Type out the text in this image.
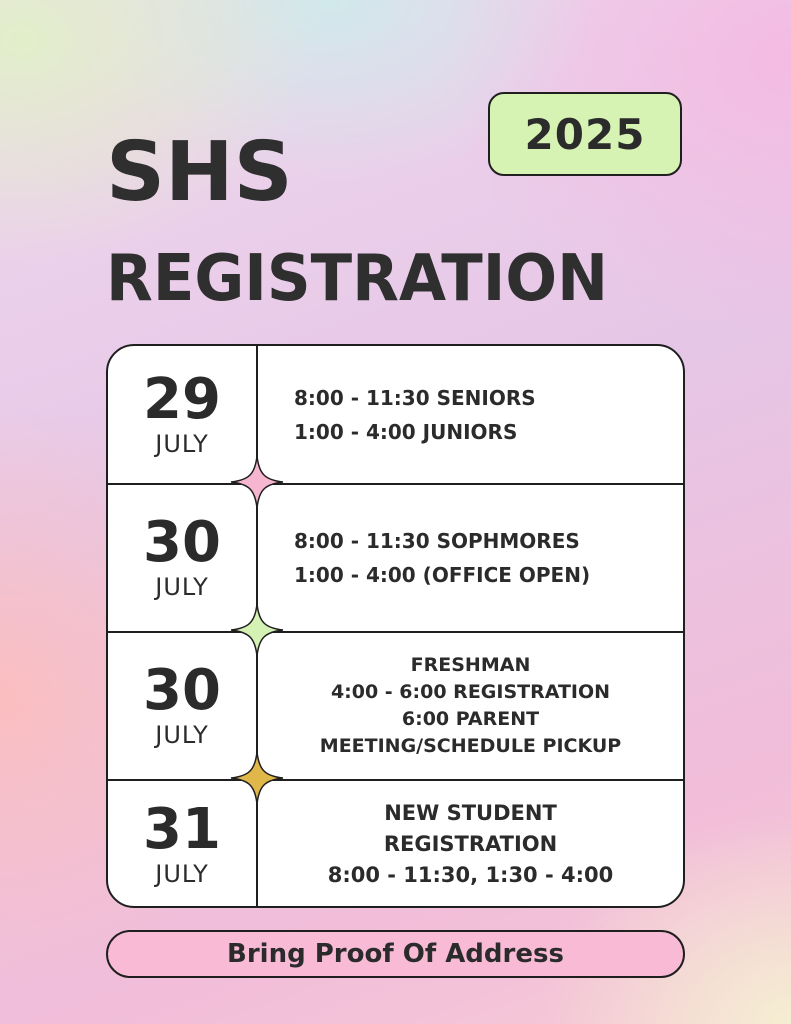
2025
SHS
REGISTRATION
29
JULY
8:00 - 11:30 SENIORS
1:00 - 4:00 JUNIORS
30
JULY
8:00 - 11:30 SOPHMORES
1:00 - 4:00 (OFFICE OPEN)
30
JULY
FRESHMAN
4:00 - 6:00 REGISTRATION
6:00 PARENT
MEETING/SCHEDULE PICKUP
31
JULY
NEW STUDENT
REGISTRATION
8:00 - 11:30, 1:30 - 4:00
Bring Proof Of Address
